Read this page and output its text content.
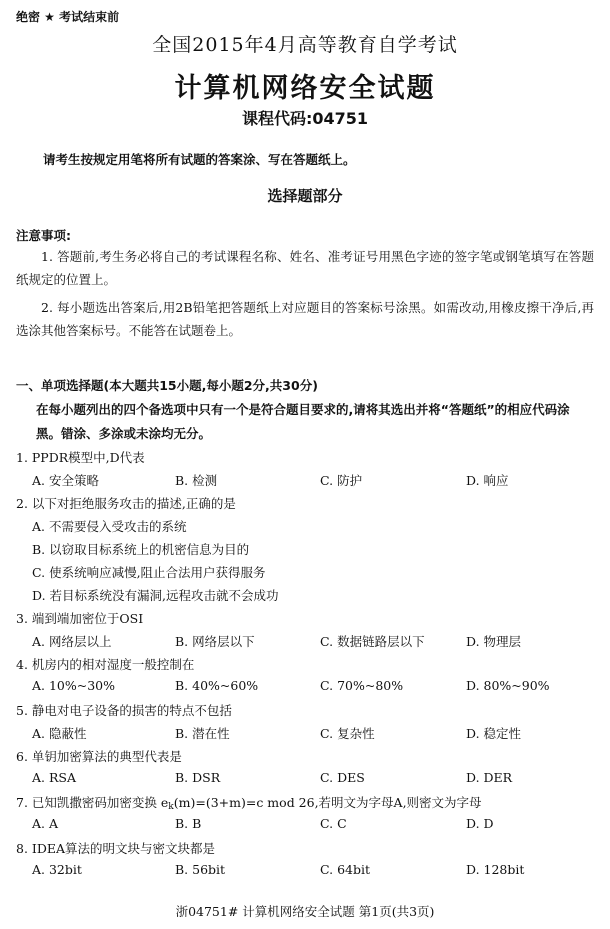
绝密 ★ 考试结束前
全国2015年4月高等教育自学考试
计算机网络安全试题
课程代码:04751
请考生按规定用笔将所有试题的答案涂、写在答题纸上。
选择题部分
注意事项:
1. 答题前,考生务必将自己的考试课程名称、姓名、准考证号用黑色字迹的签字笔或钢笔填写在答题纸规定的位置上。
2. 每小题选出答案后,用2B铅笔把答题纸上对应题目的答案标号涂黑。如需改动,用橡皮擦干净后,再选涂其他答案标号。不能答在试题卷上。
一、单项选择题(本大题共15小题,每小题2分,共30分)
在每小题列出的四个备选项中只有一个是符合题目要求的,请将其选出并将“答题纸”的相应代码涂黑。错涂、多涂或未涂均无分。
1. PPDR模型中,D代表
A. 安全策略	B. 检测	C. 防护	D. 响应
2. 以下对拒绝服务攻击的描述,正确的是
A. 不需要侵入受攻击的系统
B. 以窃取目标系统上的机密信息为目的
C. 使系统响应减慢,阻止合法用户获得服务
D. 若目标系统没有漏洞,远程攻击就不会成功
3. 端到端加密位于OSI
A. 网络层以上	B. 网络层以下	C. 数据链路层以下	D. 物理层
4. 机房内的相对湿度一般控制在
A. 10%~30%	B. 40%~60%	C. 70%~80%	D. 80%~90%
5. 静电对电子设备的损害的特点不包括
A. 隐蔽性	B. 潜在性	C. 复杂性	D. 稳定性
6. 单钥加密算法的典型代表是
A. RSA	B. DSR	C. DES	D. DER
7. 已知凯撒密码加密变换 $e_k(m)=(3+m)=c$ mod 26,若明文为字母A,则密文为字母
A. A	B. B	C. C	D. D
8. IDEA算法的明文块与密文块都是
A. 32bit	B. 56bit	C. 64bit	D. 128bit
浙04751# 计算机网络安全试题 第1页(共3页)
